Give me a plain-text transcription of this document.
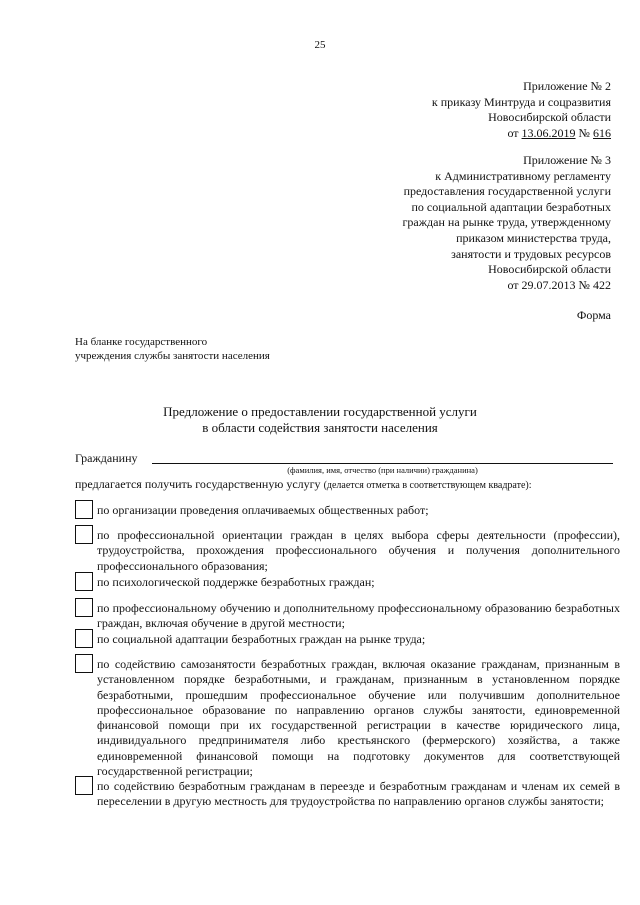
25
Приложение № 2
к приказу Минтруда и соцразвития
Новосибирской области
от 13.06.2019 № 616
Приложение № 3
к Административному регламенту
предоставления государственной услуги
по социальной адаптации безработных
граждан на рынке труда, утвержденному
приказом министерства труда,
занятости и трудовых ресурсов
Новосибирской области
от 29.07.2013 № 422
Форма
На бланке государственного
учреждения службы занятости населения
Предложение о предоставлении государственной услуги
в области содействия занятости населения
Гражданину
(фамилия, имя, отчество (при наличии) гражданина)
предлагается получить государственную услугу (делается отметка в соответствующем квадрате):
по организации проведения оплачиваемых общественных работ;
по профессиональной ориентации граждан в целях выбора сферы деятельности (профессии), трудоустройства, прохождения профессионального обучения и получения дополнительного профессионального образования;
по психологической поддержке безработных граждан;
по профессиональному обучению и дополнительному профессиональному образованию безработных граждан, включая обучение в другой местности;
по социальной адаптации безработных граждан на рынке труда;
по содействию самозанятости безработных граждан, включая оказание гражданам, признанным в установленном порядке безработными, и гражданам, признанным в установленном порядке безработными, прошедшим профессиональное обучение или получившим дополнительное профессиональное образование по направлению органов службы занятости, единовременной финансовой помощи при их государственной регистрации в качестве юридического лица, индивидуального предпринимателя либо крестьянского (фермерского) хозяйства, а также единовременной финансовой помощи на подготовку документов для соответствующей государственной регистрации;
по содействию безработным гражданам в переезде и безработным гражданам и членам их семей в переселении в другую местность для трудоустройства по направлению органов службы занятости;
